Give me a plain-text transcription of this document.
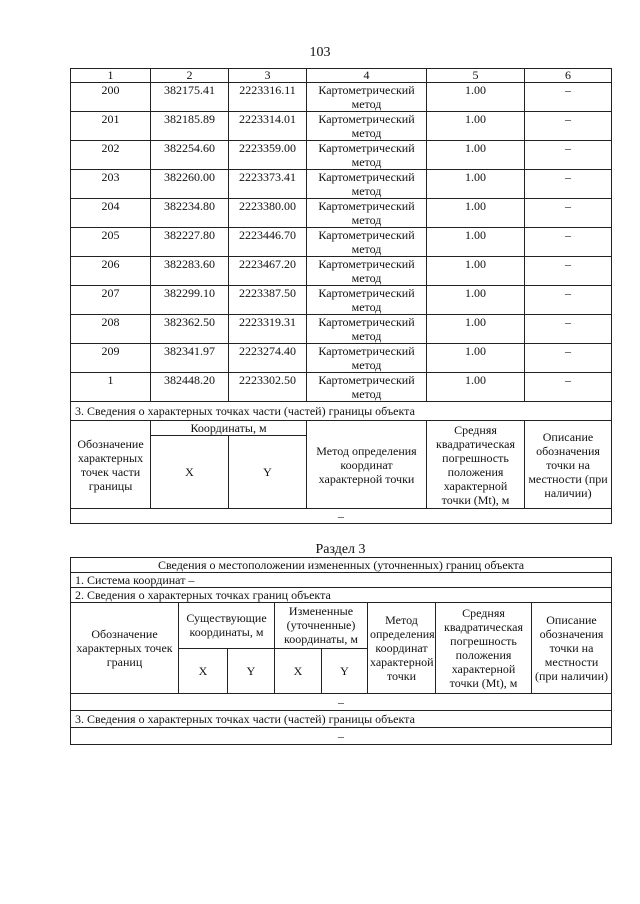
103
1	2	3	4	5	6
200	382175.41	2223316.11	Картометрический метод	1.00	–
201	382185.89	2223314.01	Картометрический метод	1.00	–
202	382254.60	2223359.00	Картометрический метод	1.00	–
203	382260.00	2223373.41	Картометрический метод	1.00	–
204	382234.80	2223380.00	Картометрический метод	1.00	–
205	382227.80	2223446.70	Картометрический метод	1.00	–
206	382283.60	2223467.20	Картометрический метод	1.00	–
207	382299.10	2223387.50	Картометрический метод	1.00	–
208	382362.50	2223319.31	Картометрический метод	1.00	–
209	382341.97	2223274.40	Картометрический метод	1.00	–
1	382448.20	2223302.50	Картометрический метод	1.00	–
3. Сведения о характерных точках части (частей) границы объекта					
Обозначение характерных точек части границы	Координаты, м		Метод определения координат характерной точки	Средняя квадратическая погрешность положения характерной точки (Mt), м	Описание обозначения точки на местности (при наличии)
	X	Y			
–					
Раздел 3
Сведения о местоположении измененных (уточненных) границ объекта							
1. Система координат –							
2. Сведения о характерных точках границ объекта							
Обозначение характерных точек границ	Существующие координаты, м		Измененные (уточненные) координаты, м		Метод определения координат характерной точки	Средняя квадратическая погрешность положения характерной точки (Mt), м	Описание обозначения точки на местности (при наличии)
	X	Y	X	Y			
–							
3. Сведения о характерных точках части (частей) границы объекта							
–							
